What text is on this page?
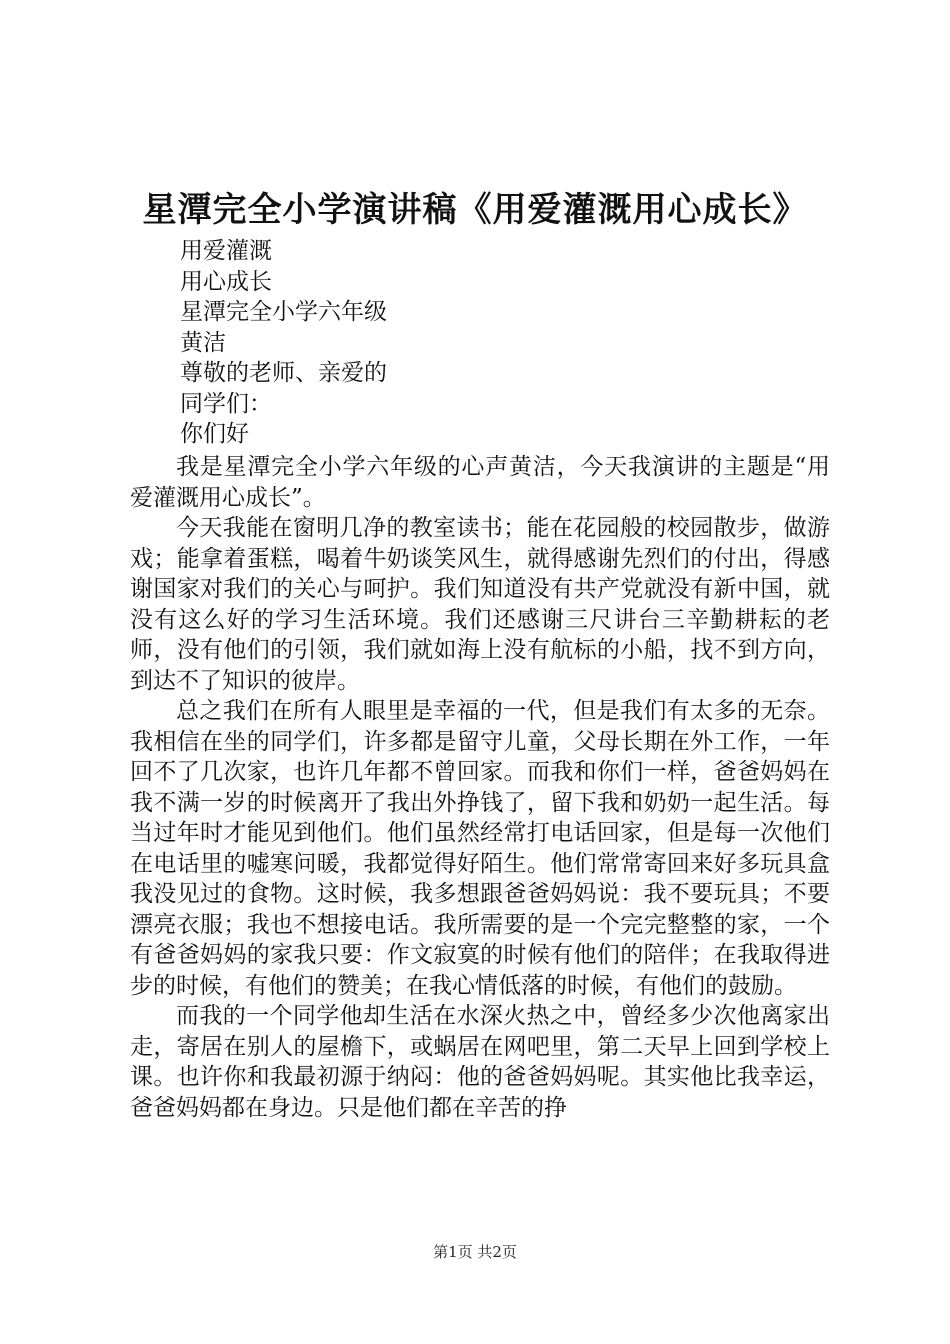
星潭完全小学演讲稿《用爱灌溉用心成长》
用爱灌溉
用心成长
星潭完全小学六年级
黄洁
尊敬的老师、亲爱的
同学们：
你们好

我是星潭完全小学六年级的心声黄洁，今天我演讲的主题是“用爱灌溉用心成长”。

今天我能在窗明几净的教室读书；能在花园般的校园散步，做游戏；能拿着蛋糕，喝着牛奶谈笑风生，就得感谢先烈们的付出，得感谢国家对我们的关心与呵护。我们知道没有共产党就没有新中国，就没有这么好的学习生活环境。我们还感谢三尺讲台三辛勤耕耘的老师，没有他们的引领，我们就如海上没有航标的小船，找不到方向，到达不了知识的彼岸。

总之我们在所有人眼里是幸福的一代，但是我们有太多的无奈。我相信在坐的同学们，许多都是留守儿童，父母长期在外工作，一年回不了几次家，也许几年都不曾回家。而我和你们一样，爸爸妈妈在我不满一岁的时候离开了我出外挣钱了，留下我和奶奶一起生活。每当过年时才能见到他们。他们虽然经常打电话回家，但是每一次他们在电话里的嘘寒问暖，我都觉得好陌生。他们常常寄回来好多玩具盒我没见过的食物。这时候，我多想跟爸爸妈妈说：我不要玩具；不要漂亮衣服；我也不想接电话。我所需要的是一个完完整整的家，一个有爸爸妈妈的家我只要：作文寂寞的时候有他们的陪伴；在我取得进步的时候，有他们的赞美；在我心情低落的时候，有他们的鼓励。

而我的一个同学他却生活在水深火热之中，曾经多少次他离家出走，寄居在别人的屋檐下，或蜗居在网吧里，第二天早上回到学校上课。也许你和我最初源于纳闷：他的爸爸妈妈呢。其实他比我幸运，爸爸妈妈都在身边。只是他们都在辛苦的挣

第1页 共2页
